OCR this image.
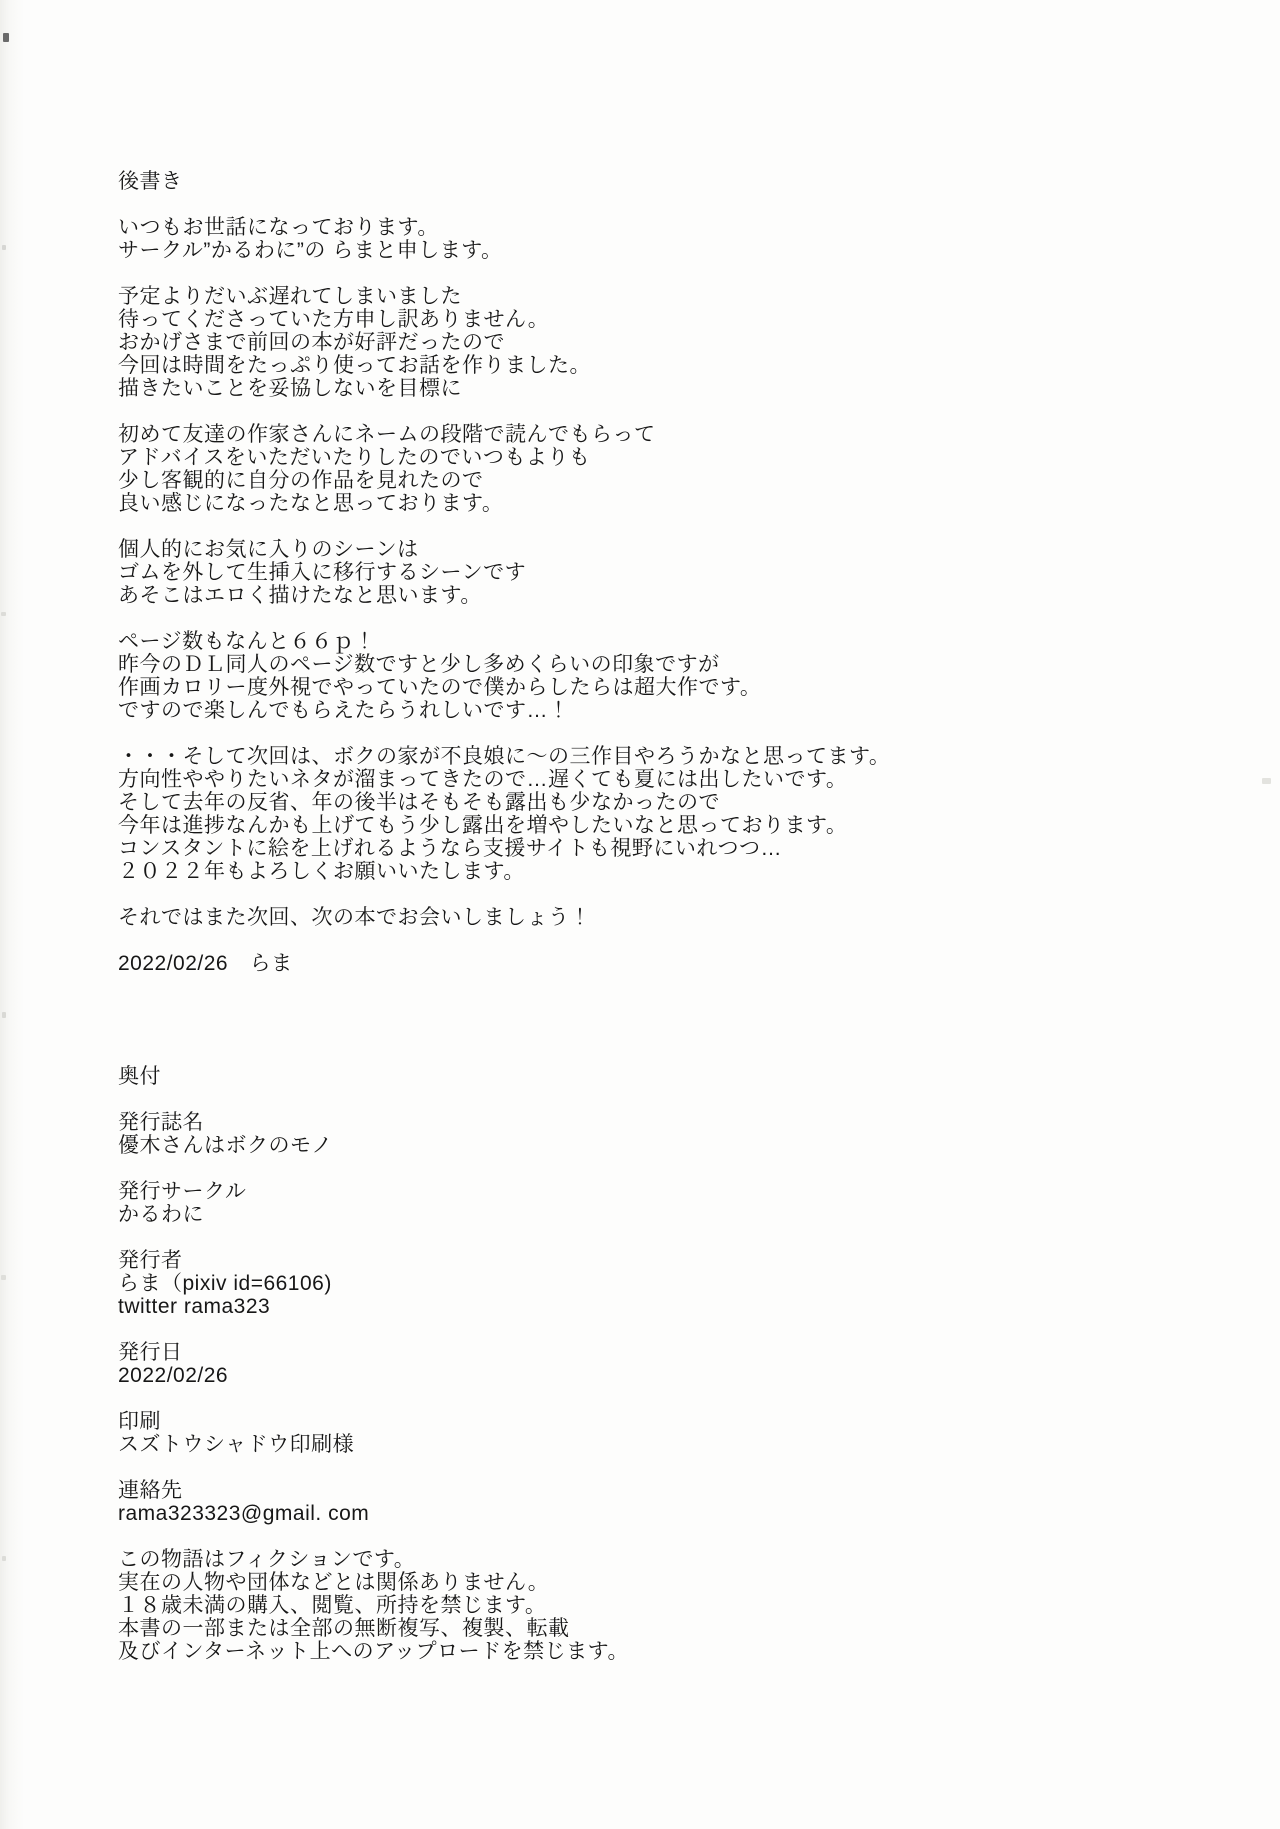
後書き
いつもお世話になっております。
サークル”かるわに”の らまと申します。
予定よりだいぶ遅れてしまいました
待ってくださっていた方申し訳ありません。
おかげさまで前回の本が好評だったので
今回は時間をたっぷり使ってお話を作りました。
描きたいことを妥協しないを目標に
初めて友達の作家さんにネームの段階で読んでもらって
アドバイスをいただいたりしたのでいつもよりも
少し客観的に自分の作品を見れたので
良い感じになったなと思っております。
個人的にお気に入りのシーンは
ゴムを外して生挿入に移行するシーンです
あそこはエロく描けたなと思います。
ページ数もなんと６６ｐ！
昨今のＤＬ同人のページ数ですと少し多めくらいの印象ですが
作画カロリー度外視でやっていたので僕からしたらは超大作です。
ですので楽しんでもらえたらうれしいです…！
・・・そして次回は、ボクの家が不良娘に～の三作目やろうかなと思ってます。
方向性ややりたいネタが溜まってきたので…遅くても夏には出したいです。
そして去年の反省、年の後半はそもそも露出も少なかったので
今年は進捗なんかも上げてもう少し露出を増やしたいなと思っております。
コンスタントに絵を上げれるようなら支援サイトも視野にいれつつ…
２０２２年もよろしくお願いいたします。
それではまた次回、次の本でお会いしましょう！

2022/02/26　らま

奥付
発行誌名
優木さんはボクのモノ
発行サークル
かるわに
発行者
らま（pixiv id=66106)
twitter rama323
発行日
2022/02/26
印刷
スズトウシャドウ印刷様
連絡先
rama323323@gmail. com
この物語はフィクションです。
実在の人物や団体などとは関係ありません。
１８歳未満の購入、閲覧、所持を禁じます。
本書の一部または全部の無断複写、複製、転載
及びインターネット上へのアップロードを禁じます。
